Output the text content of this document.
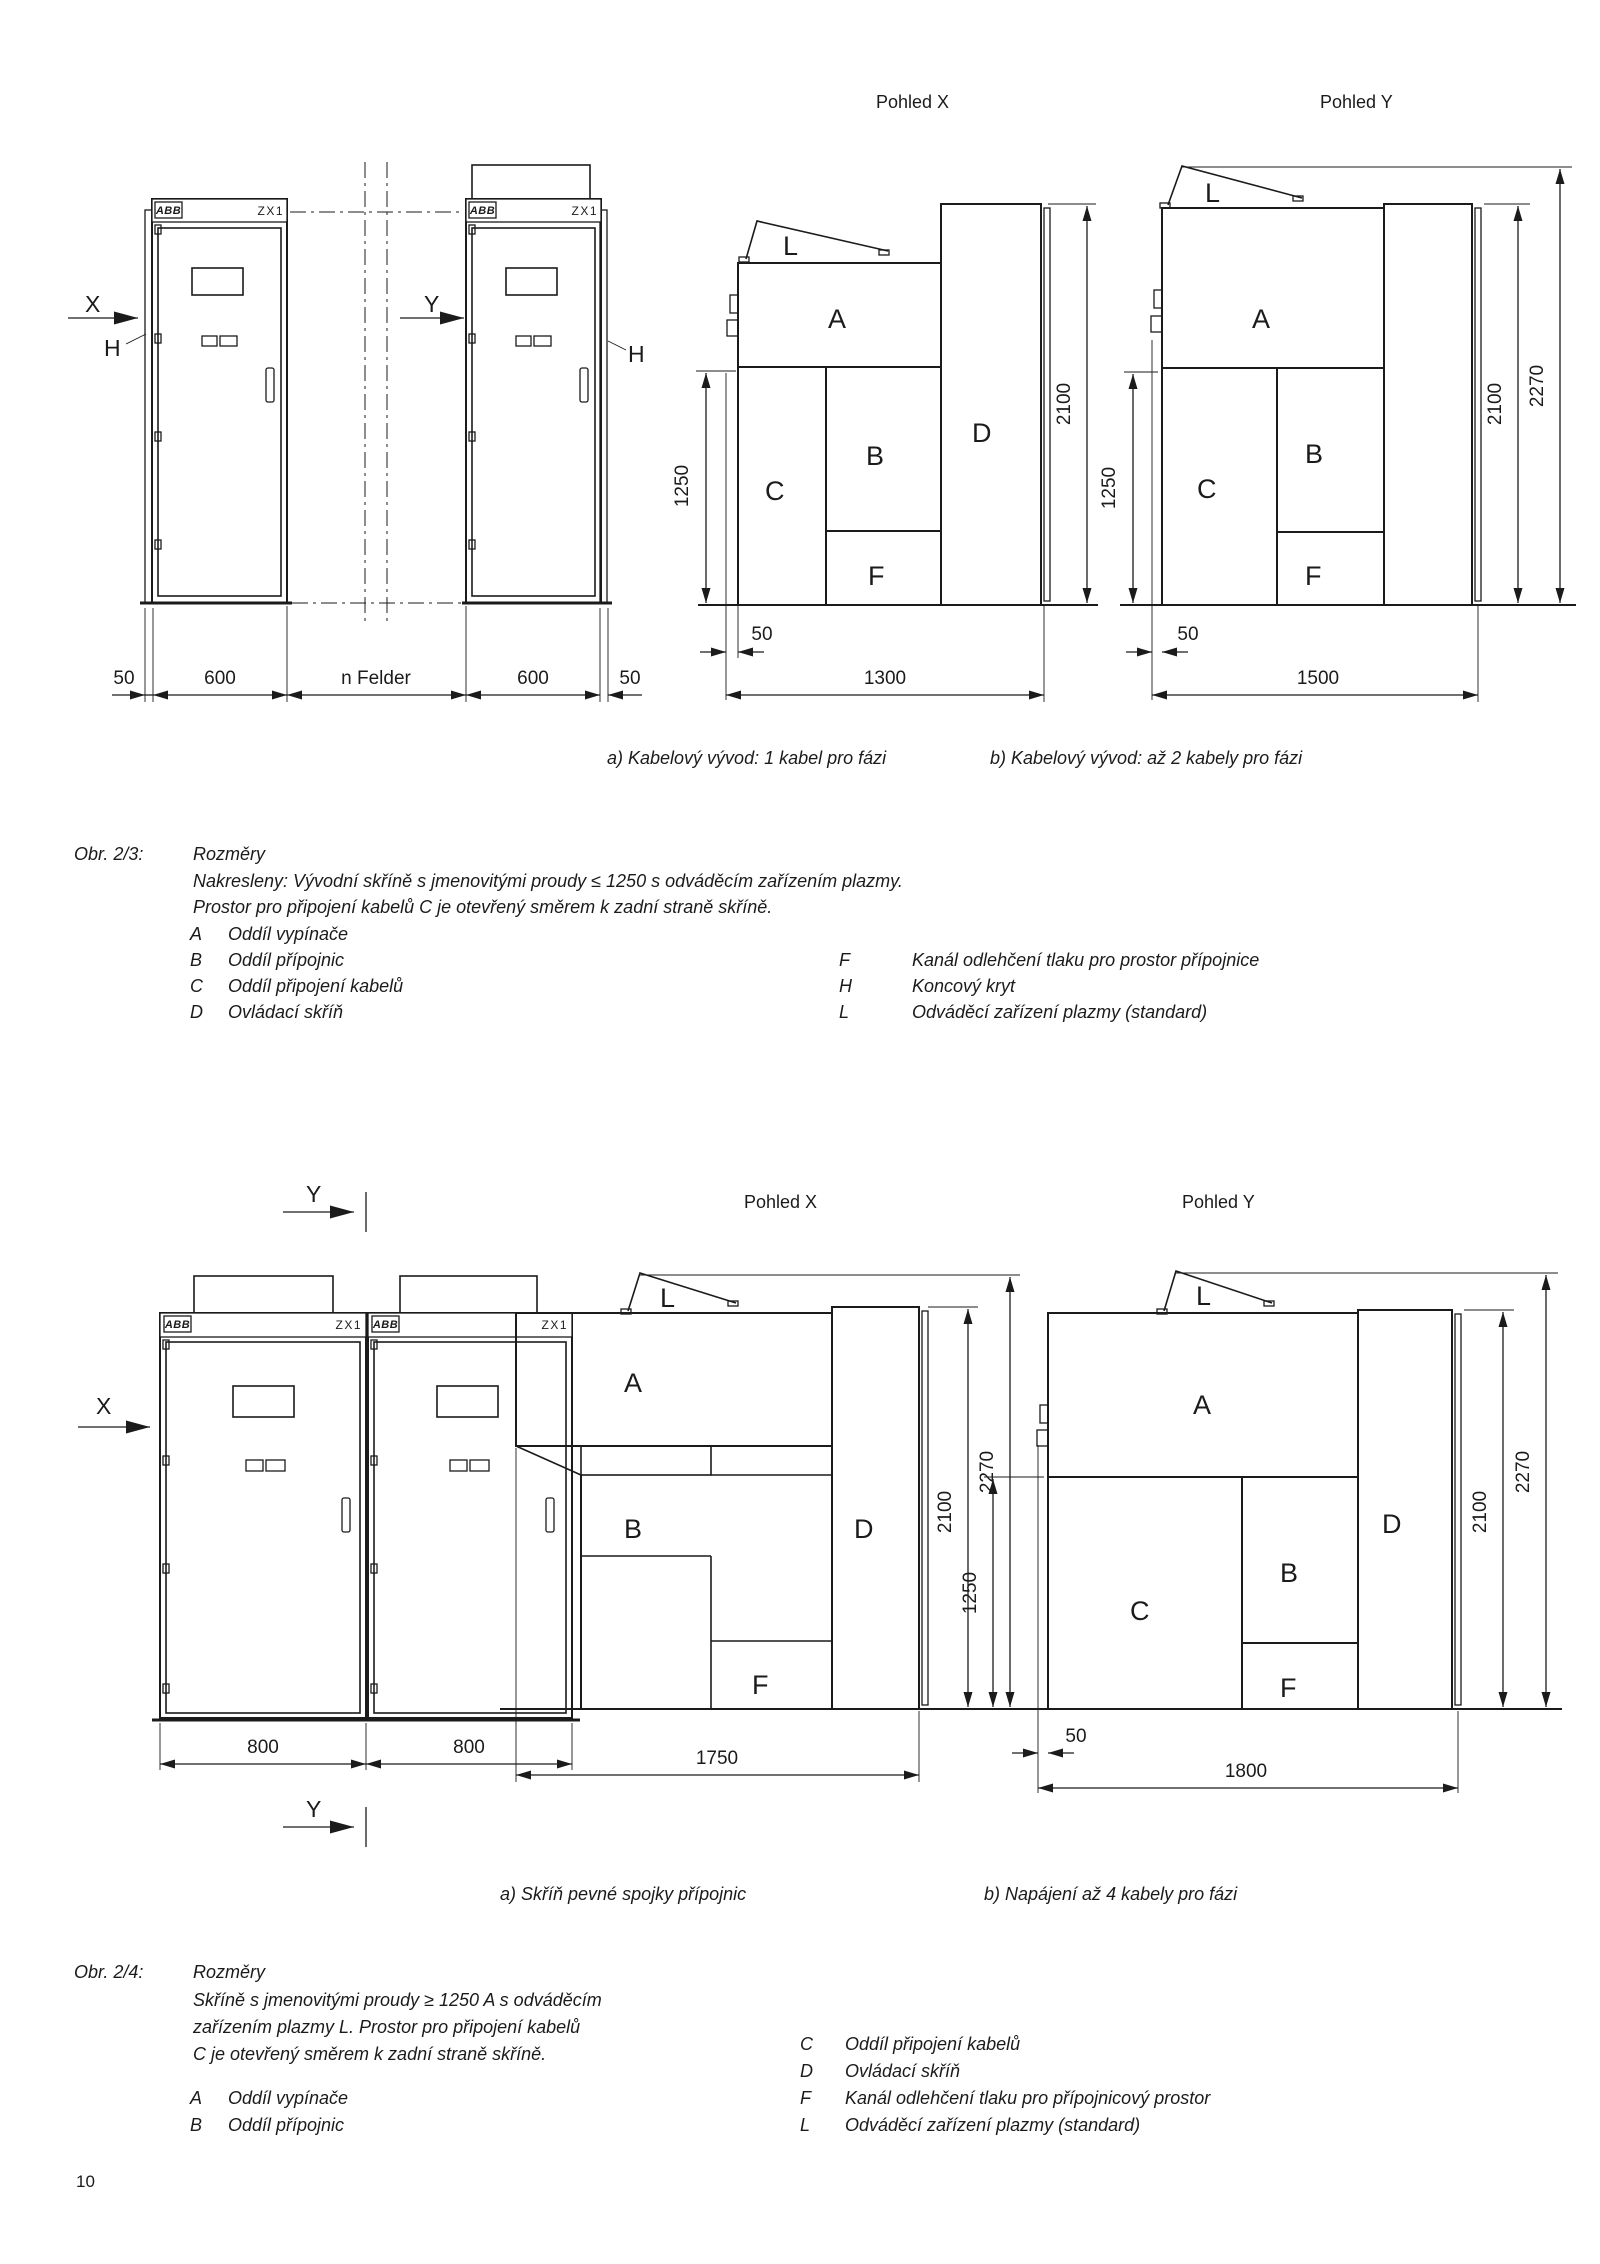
ABB	ZX1	ABB	ZX1
X
H
Y
H
50	600	n Felder	600	50
L
A
C
B
F
D
1250
50
1300
2100
L
A
C
B
F
1250
50
1500
2100 2270
Y
ABB	ZX1 ABB	ZX1
X
800	800
Y
L
A
B
F
D
1750
2100
2270
L
A
C
B
F
D
1250
50
1800
2100
2270
Pohled X	Pohled Y
a) Kabelový vývod: 1 kabel pro fázi	b) Kabelový vývod: až 2 kabely pro fázi
Obr. 2/3:	Rozměry
Nakresleny: Vývodní skříně s jmenovitými proudy ≤ 1250 s odváděcím zařízením plazmy.
Prostor pro připojení kabelů C je otevřený směrem k zadní straně skříně.
A Oddíl vypínače
B Oddíl přípojnic
C Oddíl připojení kabelů
D Ovládací skříň
F	Kanál odlehčení tlaku pro prostor přípojnice
H	Koncový kryt
L	Odváděcí zařízení plazmy (standard)
Pohled X	Pohled Y
a) Skříň pevné spojky přípojnic	b) Napájení až 4 kabely pro fázi
Obr. 2/4:	Rozměry
Skříně s jmenovitými proudy ≥ 1250 A s odváděcím
zařízením plazmy L. Prostor pro připojení kabelů
C je otevřený směrem k zadní straně skříně.
A Oddíl vypínače
B Oddíl přípojnic
C Oddíl připojení kabelů
D Ovládací skříň
F Kanál odlehčení tlaku pro přípojnicový prostor
L Odváděcí zařízení plazmy (standard)
10
